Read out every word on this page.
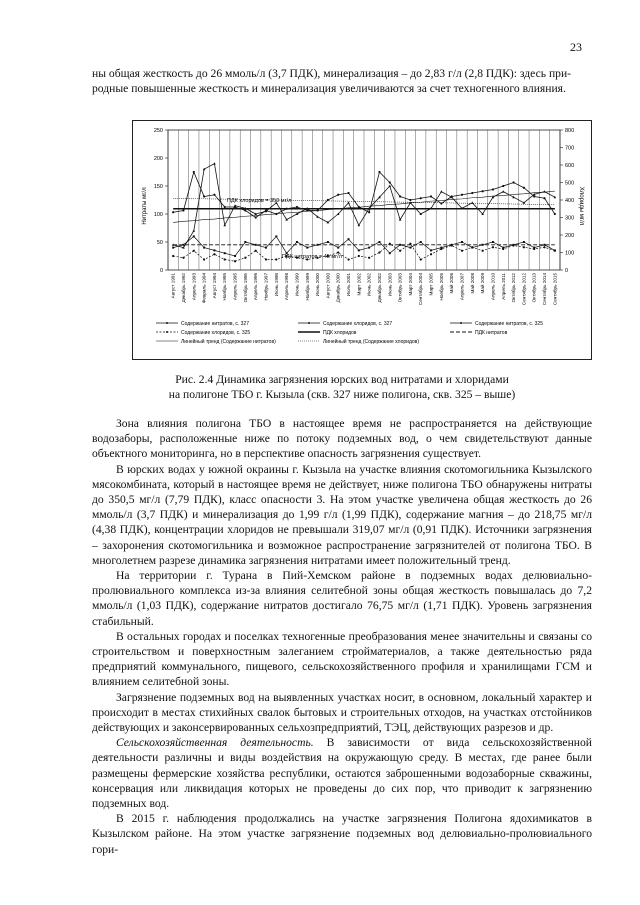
23

ны общая жесткость до 26 ммоль/л (3,7 ПДК), минерализация – до 2,83 г/л (2,8 ПДК): здесь при-

родные повышенные жесткость и минерализация увеличиваются за счет техногенного влияния.

250
200
150
100
50
0
800
700
600
500
400
300
200
100
0
Август 1991 Декабрь 1992 Апрель 1993 Февраль 1994 Август 1994 Ноябрь 1995 Апрель 1995 Октябрь 1995 Апрель 1996 Ноябрь 1997 Июнь 1998 Апрель 1998 Июнь 1999 Ноябрь 1999 Июнь 2000 Август 2000 Декабрь 2000 Июль 2001 Март 2002 Июнь 2002 Декабрь 2002 Июнь 2003 Октябрь 2003 Март 2004 Сентябрь 2004 Март 2005 Ноябрь 2005 Май 2006 Апрель 2007 Май 2008 Май 2009 Апрель 2010 Апрель 2011 Октябрь 2012 Сентябрь 2012 Октябрь 2013 Сентябрь 2014 Сентябрь 2015
Нитраты мг/л	Хлориды мг/л
ПДК хлоридов = 350 мг/л
ПДК нитратов = 45 мг/л
Содержание нитратов, с. 327	Содержание хлоридов, с. 327	Содержание нитратов, с. 325
Содержание хлоридов, с. 325	ПДК хлоридов	ПДК нитратов
Линейный тренд (Содержание нитратов)	Линейный тренд (Содержание хлоридов)
Рис. 2.4 Динамика загрязнения юрских вод нитратами и хлоридами
на полигоне ТБО г. Кызыла (скв. 327 ниже полигона, скв. 325 – выше)

Зона влияния полигона ТБО в настоящее время не распространяется на действующие водозаборы, расположенные ниже по потоку подземных вод, о чем свидетельствуют данные объектного мониторинга, но в перспективе опасность загрязнения существует.

В юрских водах у южной окраины г. Кызыла на участке влияния скотомогильника Кызылского мясокомбината, который в настоящее время не действует, ниже полигона ТБО обнаружены нитраты до 350,5 мг/л (7,79 ПДК), класс опасности 3. На этом участке увеличена общая жесткость до 26 ммоль/л (3,7 ПДК) и минерализация до 1,99 г/л (1,99 ПДК), содержание магния – до 218,75 мг/л (4,38 ПДК), концентрации хлоридов не превышали 319,07 мг/л (0,91 ПДК). Источники загрязнения – захоронения скотомогильника и возможное распространение загрязнителей от полигона ТБО. В многолетнем разрезе динамика загрязнения нитратами имеет положительный тренд.

На территории г. Турана в Пий-Хемском районе в подземных водах делювиально-пролювиального комплекса из-за влияния селитебной зоны общая жесткость повышалась до 7,2 ммоль/л (1,03 ПДК), содержание нитратов достигало 76,75 мг/л (1,71 ПДК). Уровень загрязнения стабильный.

В остальных городах и поселках техногенные преобразования менее значительны и связаны со строительством и поверхностным залеганием стройматериалов, а также деятельностью ряда предприятий коммунального, пищевого, сельскохозяйственного профиля и хранилищами ГСМ и влиянием селитебной зоны.

Загрязнение подземных вод на выявленных участках носит, в основном, локальный характер и происходит в местах стихийных свалок бытовых и строительных отходов, на участках отстойников действующих и законсервированных сельхозпредприятий, ТЭЦ, действующих разрезов и др.

Сельскохозяйственная деятельность. В зависимости от вида сельскохозяйственной деятельности различны и виды воздействия на окружающую среду. В местах, где ранее были размещены фермерские хозяйства республики, остаются заброшенными водозаборные скважины, консервация или ликвидация которых не проведены до сих пор, что приводит к загрязнению подземных вод.

В 2015 г. наблюдения продолжались на участке загрязнения Полигона ядохимикатов в Кызылском районе. На этом участке загрязнение подземных вод делювиально-пролювиального гори-
